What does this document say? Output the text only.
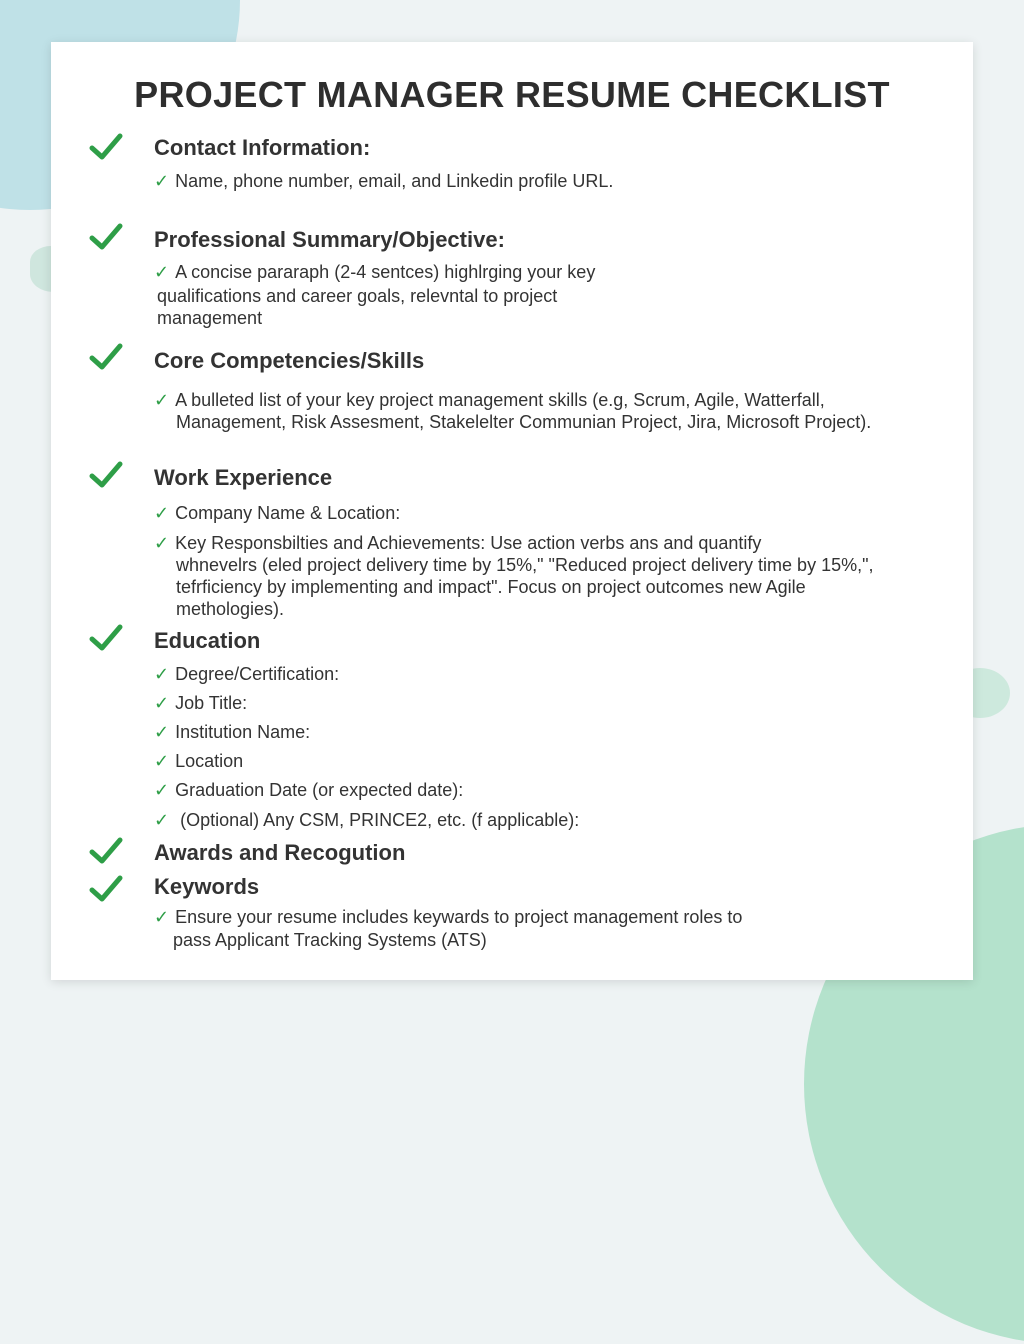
PROJECT MANAGER RESUME CHECKLIST
Contact Information:
✓ Name, phone number, email, and Linkedin profile URL.
Professional Summary/Objective:
✓ A concise pararaph (2-4 sentces) highlrging your key
qualifications and career goals, relevntal to project
management
Core Competencies/Skills
✓ A bulleted list of your key project management skills (e.g, Scrum, Agile, Watterfall,
Management, Risk Assesment, Stakelelter Communian Project, Jira, Microsoft Project).
Work Experience
✓ Company Name & Location:
✓ Key Responsbilties and Achievements: Use action verbs ans and quantify
whnevelrs (eled project delivery time by 15%," "Reduced project delivery time by 15%,",
tefrficiency by implementing and impact". Focus on project outcomes new Agile
methologies).
Education
✓ Degree/Certification:
✓ Job Title:
✓ Institution Name:
✓ Location
✓ Graduation Date (or expected date):
✓ (Optional) Any CSM, PRINCE2, etc. (f applicable):
Awards and Recogution
Keywords
✓ Ensure your resume includes keywards to project management roles to
pass Applicant Tracking Systems (ATS)
